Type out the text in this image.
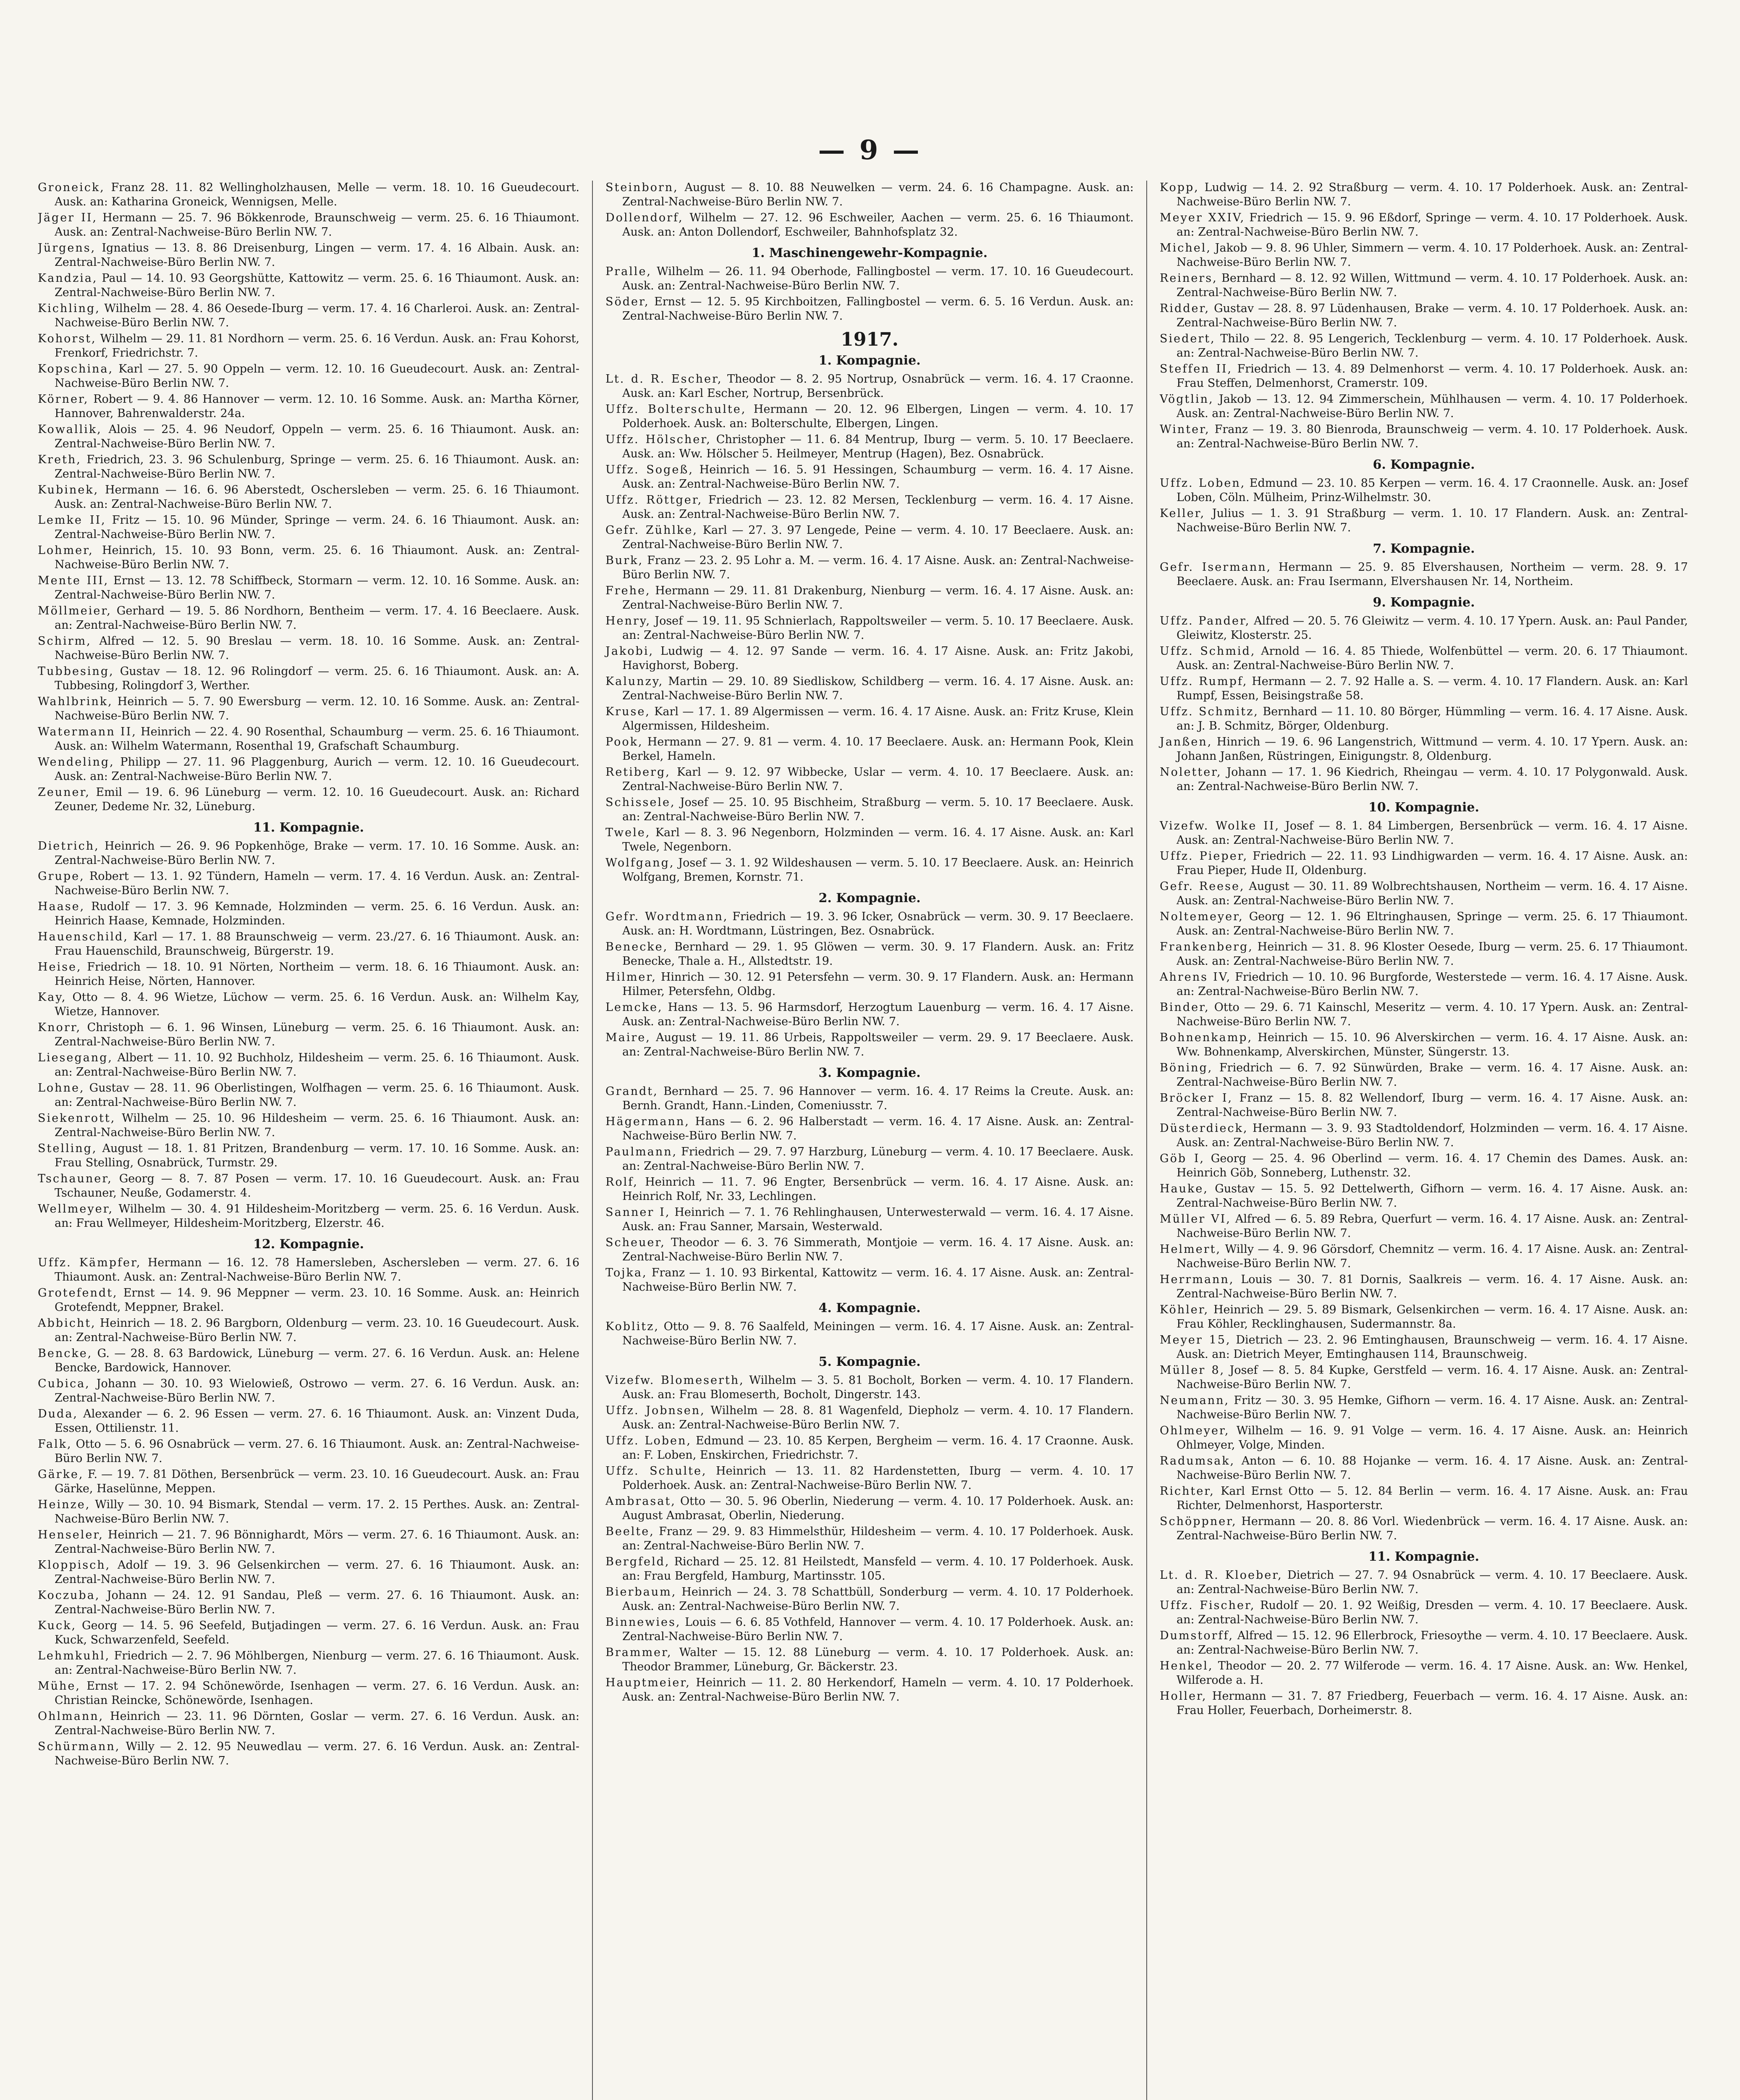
— 9 —
Groneick, Franz 28. 11. 82 Wellingholzhausen, Melle — verm. 18. 10. 16 Gueudecourt. Ausk. an: Katharina Groneick, Wennigsen, Melle.
Jäger II, Hermann — 25. 7. 96 Bökkenrode, Braunschweig — verm. 25. 6. 16 Thiaumont. Ausk. an: Zentral-Nachweise-Büro Berlin NW. 7.
Jürgens, Ignatius — 13. 8. 86 Dreisenburg, Lingen — verm. 17. 4. 16 Albain. Ausk. an: Zentral-Nachweise-Büro Berlin NW. 7.
Kandzia, Paul — 14. 10. 93 Georgshütte, Kattowitz — verm. 25. 6. 16 Thiaumont. Ausk. an: Zentral-Nachweise-Büro Berlin NW. 7.
Kichling, Wilhelm — 28. 4. 86 Oesede-Iburg — verm. 17. 4. 16 Charleroi. Ausk. an: Zentral-Nachweise-Büro Berlin NW. 7.
Kohorst, Wilhelm — 29. 11. 81 Nordhorn — verm. 25. 6. 16 Verdun. Ausk. an: Frau Kohorst, Frenkorf, Friedrichstr. 7.
Kopschina, Karl — 27. 5. 90 Oppeln — verm. 12. 10. 16 Gueudecourt. Ausk. an: Zentral-Nachweise-Büro Berlin NW. 7.
Körner, Robert — 9. 4. 86 Hannover — verm. 12. 10. 16 Somme. Ausk. an: Martha Körner, Hannover, Bahrenwalderstr. 24a.
Kowallik, Alois — 25. 4. 96 Neudorf, Oppeln — verm. 25. 6. 16 Thiaumont. Ausk. an: Zentral-Nachweise-Büro Berlin NW. 7.
Kreth, Friedrich, 23. 3. 96 Schulenburg, Springe — verm. 25. 6. 16 Thiaumont. Ausk. an: Zentral-Nachweise-Büro Berlin NW. 7.
Kubinek, Hermann — 16. 6. 96 Aberstedt, Oschersleben — verm. 25. 6. 16 Thiaumont. Ausk. an: Zentral-Nachweise-Büro Berlin NW. 7.
Lemke II, Fritz — 15. 10. 96 Münder, Springe — verm. 24. 6. 16 Thiaumont. Ausk. an: Zentral-Nachweise-Büro Berlin NW. 7.
Lohmer, Heinrich, 15. 10. 93 Bonn, verm. 25. 6. 16 Thiaumont. Ausk. an: Zentral-Nachweise-Büro Berlin NW. 7.
Mente III, Ernst — 13. 12. 78 Schiffbeck, Stormarn — verm. 12. 10. 16 Somme. Ausk. an: Zentral-Nachweise-Büro Berlin NW. 7.
Möllmeier, Gerhard — 19. 5. 86 Nordhorn, Bentheim — verm. 17. 4. 16 Beeclaere. Ausk. an: Zentral-Nachweise-Büro Berlin NW. 7.
Schirm, Alfred — 12. 5. 90 Breslau — verm. 18. 10. 16 Somme. Ausk. an: Zentral-Nachweise-Büro Berlin NW. 7.
Tubbesing, Gustav — 18. 12. 96 Rolingdorf — verm. 25. 6. 16 Thiaumont. Ausk. an: A. Tubbesing, Rolingdorf 3, Werther.
Wahlbrink, Heinrich — 5. 7. 90 Ewersburg — verm. 12. 10. 16 Somme. Ausk. an: Zentral-Nachweise-Büro Berlin NW. 7.
Watermann II, Heinrich — 22. 4. 90 Rosenthal, Schaumburg — verm. 25. 6. 16 Thiaumont. Ausk. an: Wilhelm Watermann, Rosenthal 19, Grafschaft Schaumburg.
Wendeling, Philipp — 27. 11. 96 Plaggenburg, Aurich — verm. 12. 10. 16 Gueudecourt. Ausk. an: Zentral-Nachweise-Büro Berlin NW. 7.
Zeuner, Emil — 19. 6. 96 Lüneburg — verm. 12. 10. 16 Gueudecourt. Ausk. an: Richard Zeuner, Dedeme Nr. 32, Lüneburg.
11. Kompagnie.
Dietrich, Heinrich — 26. 9. 96 Popkenhöge, Brake — verm. 17. 10. 16 Somme. Ausk. an: Zentral-Nachweise-Büro Berlin NW. 7.
Grupe, Robert — 13. 1. 92 Tündern, Hameln — verm. 17. 4. 16 Verdun. Ausk. an: Zentral-Nachweise-Büro Berlin NW. 7.
Haase, Rudolf — 17. 3. 96 Kemnade, Holzminden — verm. 25. 6. 16 Verdun. Ausk. an: Heinrich Haase, Kemnade, Holzminden.
Hauenschild, Karl — 17. 1. 88 Braunschweig — verm. 23./27. 6. 16 Thiaumont. Ausk. an: Frau Hauenschild, Braunschweig, Bürgerstr. 19.
Heise, Friedrich — 18. 10. 91 Nörten, Northeim — verm. 18. 6. 16 Thiaumont. Ausk. an: Heinrich Heise, Nörten, Hannover.
Kay, Otto — 8. 4. 96 Wietze, Lüchow — verm. 25. 6. 16 Verdun. Ausk. an: Wilhelm Kay, Wietze, Hannover.
Knorr, Christoph — 6. 1. 96 Winsen, Lüneburg — verm. 25. 6. 16 Thiaumont. Ausk. an: Zentral-Nachweise-Büro Berlin NW. 7.
Liesegang, Albert — 11. 10. 92 Buchholz, Hildesheim — verm. 25. 6. 16 Thiaumont. Ausk. an: Zentral-Nachweise-Büro Berlin NW. 7.
Lohne, Gustav — 28. 11. 96 Oberlistingen, Wolfhagen — verm. 25. 6. 16 Thiaumont. Ausk. an: Zentral-Nachweise-Büro Berlin NW. 7.
Siekenrott, Wilhelm — 25. 10. 96 Hildesheim — verm. 25. 6. 16 Thiaumont. Ausk. an: Zentral-Nachweise-Büro Berlin NW. 7.
Stelling, August — 18. 1. 81 Pritzen, Brandenburg — verm. 17. 10. 16 Somme. Ausk. an: Frau Stelling, Osnabrück, Turmstr. 29.
Tschauner, Georg — 8. 7. 87 Posen — verm. 17. 10. 16 Gueudecourt. Ausk. an: Frau Tschauner, Neuße, Godamerstr. 4.
Wellmeyer, Wilhelm — 30. 4. 91 Hildesheim-Moritzberg — verm. 25. 6. 16 Verdun. Ausk. an: Frau Wellmeyer, Hildesheim-Moritzberg, Elzerstr. 46.
12. Kompagnie.
Uffz. Kämpfer, Hermann — 16. 12. 78 Hamersleben, Aschersleben — verm. 27. 6. 16 Thiaumont. Ausk. an: Zentral-Nachweise-Büro Berlin NW. 7.
Grotefendt, Ernst — 14. 9. 96 Meppner — verm. 23. 10. 16 Somme. Ausk. an: Heinrich Grotefendt, Meppner, Brakel.
Abbicht, Heinrich — 18. 2. 96 Bargborn, Oldenburg — verm. 23. 10. 16 Gueudecourt. Ausk. an: Zentral-Nachweise-Büro Berlin NW. 7.
Bencke, G. — 28. 8. 63 Bardowick, Lüneburg — verm. 27. 6. 16 Verdun. Ausk. an: Helene Bencke, Bardowick, Hannover.
Cubica, Johann — 30. 10. 93 Wielowieß, Ostrowo — verm. 27. 6. 16 Verdun. Ausk. an: Zentral-Nachweise-Büro Berlin NW. 7.
Duda, Alexander — 6. 2. 96 Essen — verm. 27. 6. 16 Thiaumont. Ausk. an: Vinzent Duda, Essen, Ottilienstr. 11.
Falk, Otto — 5. 6. 96 Osnabrück — verm. 27. 6. 16 Thiaumont. Ausk. an: Zentral-Nachweise-Büro Berlin NW. 7.
Gärke, F. — 19. 7. 81 Döthen, Bersenbrück — verm. 23. 10. 16 Gueudecourt. Ausk. an: Frau Gärke, Haselünne, Meppen.
Heinze, Willy — 30. 10. 94 Bismark, Stendal — verm. 17. 2. 15 Perthes. Ausk. an: Zentral-Nachweise-Büro Berlin NW. 7.
Henseler, Heinrich — 21. 7. 96 Bönnighardt, Mörs — verm. 27. 6. 16 Thiaumont. Ausk. an: Zentral-Nachweise-Büro Berlin NW. 7.
Kloppisch, Adolf — 19. 3. 96 Gelsenkirchen — verm. 27. 6. 16 Thiaumont. Ausk. an: Zentral-Nachweise-Büro Berlin NW. 7.
Koczuba, Johann — 24. 12. 91 Sandau, Pleß — verm. 27. 6. 16 Thiaumont. Ausk. an: Zentral-Nachweise-Büro Berlin NW. 7.
Kuck, Georg — 14. 5. 96 Seefeld, Butjadingen — verm. 27. 6. 16 Verdun. Ausk. an: Frau Kuck, Schwarzenfeld, Seefeld.
Lehmkuhl, Friedrich — 2. 7. 96 Möhlbergen, Nienburg — verm. 27. 6. 16 Thiaumont. Ausk. an: Zentral-Nachweise-Büro Berlin NW. 7.
Mühe, Ernst — 17. 2. 94 Schönewörde, Isenhagen — verm. 27. 6. 16 Verdun. Ausk. an: Christian Reincke, Schönewörde, Isenhagen.
Ohlmann, Heinrich — 23. 11. 96 Dörnten, Goslar — verm. 27. 6. 16 Verdun. Ausk. an: Zentral-Nachweise-Büro Berlin NW. 7.
Schürmann, Willy — 2. 12. 95 Neuwedlau — verm. 27. 6. 16 Verdun. Ausk. an: Zentral-Nachweise-Büro Berlin NW. 7.
Steinborn, August — 8. 10. 88 Neuwelken — verm. 24. 6. 16 Champagne. Ausk. an: Zentral-Nachweise-Büro Berlin NW. 7.
Dollendorf, Wilhelm — 27. 12. 96 Eschweiler, Aachen — verm. 25. 6. 16 Thiaumont. Ausk. an: Anton Dollendorf, Eschweiler, Bahnhofsplatz 32.
1. Maschinengewehr-Kompagnie.
Pralle, Wilhelm — 26. 11. 94 Oberhode, Fallingbostel — verm. 17. 10. 16 Gueudecourt. Ausk. an: Zentral-Nachweise-Büro Berlin NW. 7.
Söder, Ernst — 12. 5. 95 Kirchboitzen, Fallingbostel — verm. 6. 5. 16 Verdun. Ausk. an: Zentral-Nachweise-Büro Berlin NW. 7.
1917.
1. Kompagnie.
Lt. d. R. Escher, Theodor — 8. 2. 95 Nortrup, Osnabrück — verm. 16. 4. 17 Craonne. Ausk. an: Karl Escher, Nortrup, Bersenbrück.
Uffz. Bolterschulte, Hermann — 20. 12. 96 Elbergen, Lingen — verm. 4. 10. 17 Polderhoek. Ausk. an: Bolterschulte, Elbergen, Lingen.
Uffz. Hölscher, Christopher — 11. 6. 84 Mentrup, Iburg — verm. 5. 10. 17 Beeclaere. Ausk. an: Ww. Hölscher 5. Heilmeyer, Mentrup (Hagen), Bez. Osnabrück.
Uffz. Sogeß, Heinrich — 16. 5. 91 Hessingen, Schaumburg — verm. 16. 4. 17 Aisne. Ausk. an: Zentral-Nachweise-Büro Berlin NW. 7.
Uffz. Röttger, Friedrich — 23. 12. 82 Mersen, Tecklenburg — verm. 16. 4. 17 Aisne. Ausk. an: Zentral-Nachweise-Büro Berlin NW. 7.
Gefr. Zühlke, Karl — 27. 3. 97 Lengede, Peine — verm. 4. 10. 17 Beeclaere. Ausk. an: Zentral-Nachweise-Büro Berlin NW. 7.
Burk, Franz — 23. 2. 95 Lohr a. M. — verm. 16. 4. 17 Aisne. Ausk. an: Zentral-Nachweise-Büro Berlin NW. 7.
Frehe, Hermann — 29. 11. 81 Drakenburg, Nienburg — verm. 16. 4. 17 Aisne. Ausk. an: Zentral-Nachweise-Büro Berlin NW. 7.
Henry, Josef — 19. 11. 95 Schnierlach, Rappoltsweiler — verm. 5. 10. 17 Beeclaere. Ausk. an: Zentral-Nachweise-Büro Berlin NW. 7.
Jakobi, Ludwig — 4. 12. 97 Sande — verm. 16. 4. 17 Aisne. Ausk. an: Fritz Jakobi, Havighorst, Boberg.
Kalunzy, Martin — 29. 10. 89 Siedliskow, Schildberg — verm. 16. 4. 17 Aisne. Ausk. an: Zentral-Nachweise-Büro Berlin NW. 7.
Kruse, Karl — 17. 1. 89 Algermissen — verm. 16. 4. 17 Aisne. Ausk. an: Fritz Kruse, Klein Algermissen, Hildesheim.
Pook, Hermann — 27. 9. 81 — verm. 4. 10. 17 Beeclaere. Ausk. an: Hermann Pook, Klein Berkel, Hameln.
Retiberg, Karl — 9. 12. 97 Wibbecke, Uslar — verm. 4. 10. 17 Beeclaere. Ausk. an: Zentral-Nachweise-Büro Berlin NW. 7.
Schissele, Josef — 25. 10. 95 Bischheim, Straßburg — verm. 5. 10. 17 Beeclaere. Ausk. an: Zentral-Nachweise-Büro Berlin NW. 7.
Twele, Karl — 8. 3. 96 Negenborn, Holzminden — verm. 16. 4. 17 Aisne. Ausk. an: Karl Twele, Negenborn.
Wolfgang, Josef — 3. 1. 92 Wildeshausen — verm. 5. 10. 17 Beeclaere. Ausk. an: Heinrich Wolfgang, Bremen, Kornstr. 71.
2. Kompagnie.
Gefr. Wordtmann, Friedrich — 19. 3. 96 Icker, Osnabrück — verm. 30. 9. 17 Beeclaere. Ausk. an: H. Wordtmann, Lüstringen, Bez. Osnabrück.
Benecke, Bernhard — 29. 1. 95 Glöwen — verm. 30. 9. 17 Flandern. Ausk. an: Fritz Benecke, Thale a. H., Allstedtstr. 19.
Hilmer, Hinrich — 30. 12. 91 Petersfehn — verm. 30. 9. 17 Flandern. Ausk. an: Hermann Hilmer, Petersfehn, Oldbg.
Lemcke, Hans — 13. 5. 96 Harmsdorf, Herzogtum Lauenburg — verm. 16. 4. 17 Aisne. Ausk. an: Zentral-Nachweise-Büro Berlin NW. 7.
Maire, August — 19. 11. 86 Urbeis, Rappoltsweiler — verm. 29. 9. 17 Beeclaere. Ausk. an: Zentral-Nachweise-Büro Berlin NW. 7.
3. Kompagnie.
Grandt, Bernhard — 25. 7. 96 Hannover — verm. 16. 4. 17 Reims la Creute. Ausk. an: Bernh. Grandt, Hann.-Linden, Comeniusstr. 7.
Hägermann, Hans — 6. 2. 96 Halberstadt — verm. 16. 4. 17 Aisne. Ausk. an: Zentral-Nachweise-Büro Berlin NW. 7.
Paulmann, Friedrich — 29. 7. 97 Harzburg, Lüneburg — verm. 4. 10. 17 Beeclaere. Ausk. an: Zentral-Nachweise-Büro Berlin NW. 7.
Rolf, Heinrich — 11. 7. 96 Engter, Bersenbrück — verm. 16. 4. 17 Aisne. Ausk. an: Heinrich Rolf, Nr. 33, Lechlingen.
Sanner I, Heinrich — 7. 1. 76 Rehlinghausen, Unterwesterwald — verm. 16. 4. 17 Aisne. Ausk. an: Frau Sanner, Marsain, Westerwald.
Scheuer, Theodor — 6. 3. 76 Simmerath, Montjoie — verm. 16. 4. 17 Aisne. Ausk. an: Zentral-Nachweise-Büro Berlin NW. 7.
Tojka, Franz — 1. 10. 93 Birkental, Kattowitz — verm. 16. 4. 17 Aisne. Ausk. an: Zentral-Nachweise-Büro Berlin NW. 7.
4. Kompagnie.
Koblitz, Otto — 9. 8. 76 Saalfeld, Meiningen — verm. 16. 4. 17 Aisne. Ausk. an: Zentral-Nachweise-Büro Berlin NW. 7.
5. Kompagnie.
Vizefw. Blomeserth, Wilhelm — 3. 5. 81 Bocholt, Borken — verm. 4. 10. 17 Flandern. Ausk. an: Frau Blomeserth, Bocholt, Dingerstr. 143.
Uffz. Jobnsen, Wilhelm — 28. 8. 81 Wagenfeld, Diepholz — verm. 4. 10. 17 Flandern. Ausk. an: Zentral-Nachweise-Büro Berlin NW. 7.
Uffz. Loben, Edmund — 23. 10. 85 Kerpen, Bergheim — verm. 16. 4. 17 Craonne. Ausk. an: F. Loben, Enskirchen, Friedrichstr. 7.
Uffz. Schulte, Heinrich — 13. 11. 82 Hardenstetten, Iburg — verm. 4. 10. 17 Polderhoek. Ausk. an: Zentral-Nachweise-Büro Berlin NW. 7.
Ambrasat, Otto — 30. 5. 96 Oberlin, Niederung — verm. 4. 10. 17 Polderhoek. Ausk. an: August Ambrasat, Oberlin, Niederung.
Beelte, Franz — 29. 9. 83 Himmelsthür, Hildesheim — verm. 4. 10. 17 Polderhoek. Ausk. an: Zentral-Nachweise-Büro Berlin NW. 7.
Bergfeld, Richard — 25. 12. 81 Heilstedt, Mansfeld — verm. 4. 10. 17 Polderhoek. Ausk. an: Frau Bergfeld, Hamburg, Martinsstr. 105.
Bierbaum, Heinrich — 24. 3. 78 Schattbüll, Sonderburg — verm. 4. 10. 17 Polderhoek. Ausk. an: Zentral-Nachweise-Büro Berlin NW. 7.
Binnewies, Louis — 6. 6. 85 Vothfeld, Hannover — verm. 4. 10. 17 Polderhoek. Ausk. an: Zentral-Nachweise-Büro Berlin NW. 7.
Brammer, Walter — 15. 12. 88 Lüneburg — verm. 4. 10. 17 Polderhoek. Ausk. an: Theodor Brammer, Lüneburg, Gr. Bäckerstr. 23.
Hauptmeier, Heinrich — 11. 2. 80 Herkendorf, Hameln — verm. 4. 10. 17 Polderhoek. Ausk. an: Zentral-Nachweise-Büro Berlin NW. 7.
Kopp, Ludwig — 14. 2. 92 Straßburg — verm. 4. 10. 17 Polderhoek. Ausk. an: Zentral-Nachweise-Büro Berlin NW. 7.
Meyer XXIV, Friedrich — 15. 9. 96 Eßdorf, Springe — verm. 4. 10. 17 Polderhoek. Ausk. an: Zentral-Nachweise-Büro Berlin NW. 7.
Michel, Jakob — 9. 8. 96 Uhler, Simmern — verm. 4. 10. 17 Polderhoek. Ausk. an: Zentral-Nachweise-Büro Berlin NW. 7.
Reiners, Bernhard — 8. 12. 92 Willen, Wittmund — verm. 4. 10. 17 Polderhoek. Ausk. an: Zentral-Nachweise-Büro Berlin NW. 7.
Ridder, Gustav — 28. 8. 97 Lüdenhausen, Brake — verm. 4. 10. 17 Polderhoek. Ausk. an: Zentral-Nachweise-Büro Berlin NW. 7.
Siedert, Thilo — 22. 8. 95 Lengerich, Tecklenburg — verm. 4. 10. 17 Polderhoek. Ausk. an: Zentral-Nachweise-Büro Berlin NW. 7.
Steffen II, Friedrich — 13. 4. 89 Delmenhorst — verm. 4. 10. 17 Polderhoek. Ausk. an: Frau Steffen, Delmenhorst, Cramerstr. 109.
Vögtlin, Jakob — 13. 12. 94 Zimmerschein, Mühlhausen — verm. 4. 10. 17 Polderhoek. Ausk. an: Zentral-Nachweise-Büro Berlin NW. 7.
Winter, Franz — 19. 3. 80 Bienroda, Braunschweig — verm. 4. 10. 17 Polderhoek. Ausk. an: Zentral-Nachweise-Büro Berlin NW. 7.
6. Kompagnie.
Uffz. Loben, Edmund — 23. 10. 85 Kerpen — verm. 16. 4. 17 Craonnelle. Ausk. an: Josef Loben, Cöln. Mülheim, Prinz-Wilhelmstr. 30.
Keller, Julius — 1. 3. 91 Straßburg — verm. 1. 10. 17 Flandern. Ausk. an: Zentral-Nachweise-Büro Berlin NW. 7.
7. Kompagnie.
Gefr. Isermann, Hermann — 25. 9. 85 Elvershausen, Northeim — verm. 28. 9. 17 Beeclaere. Ausk. an: Frau Isermann, Elvershausen Nr. 14, Northeim.
9. Kompagnie.
Uffz. Pander, Alfred — 20. 5. 76 Gleiwitz — verm. 4. 10. 17 Ypern. Ausk. an: Paul Pander, Gleiwitz, Klosterstr. 25.
Uffz. Schmid, Arnold — 16. 4. 85 Thiede, Wolfenbüttel — verm. 20. 6. 17 Thiaumont. Ausk. an: Zentral-Nachweise-Büro Berlin NW. 7.
Uffz. Rumpf, Hermann — 2. 7. 92 Halle a. S. — verm. 4. 10. 17 Flandern. Ausk. an: Karl Rumpf, Essen, Beisingstraße 58.
Uffz. Schmitz, Bernhard — 11. 10. 80 Börger, Hümmling — verm. 16. 4. 17 Aisne. Ausk. an: J. B. Schmitz, Börger, Oldenburg.
Janßen, Hinrich — 19. 6. 96 Langenstrich, Wittmund — verm. 4. 10. 17 Ypern. Ausk. an: Johann Janßen, Rüstringen, Einigungstr. 8, Oldenburg.
Noletter, Johann — 17. 1. 96 Kiedrich, Rheingau — verm. 4. 10. 17 Polygonwald. Ausk. an: Zentral-Nachweise-Büro Berlin NW. 7.
10. Kompagnie.
Vizefw. Wolke II, Josef — 8. 1. 84 Limbergen, Bersenbrück — verm. 16. 4. 17 Aisne. Ausk. an: Zentral-Nachweise-Büro Berlin NW. 7.
Uffz. Pieper, Friedrich — 22. 11. 93 Lindhigwarden — verm. 16. 4. 17 Aisne. Ausk. an: Frau Pieper, Hude II, Oldenburg.
Gefr. Reese, August — 30. 11. 89 Wolbrechtshausen, Northeim — verm. 16. 4. 17 Aisne. Ausk. an: Zentral-Nachweise-Büro Berlin NW. 7.
Noltemeyer, Georg — 12. 1. 96 Eltringhausen, Springe — verm. 25. 6. 17 Thiaumont. Ausk. an: Zentral-Nachweise-Büro Berlin NW. 7.
Frankenberg, Heinrich — 31. 8. 96 Kloster Oesede, Iburg — verm. 25. 6. 17 Thiaumont. Ausk. an: Zentral-Nachweise-Büro Berlin NW. 7.
Ahrens IV, Friedrich — 10. 10. 96 Burgforde, Westerstede — verm. 16. 4. 17 Aisne. Ausk. an: Zentral-Nachweise-Büro Berlin NW. 7.
Binder, Otto — 29. 6. 71 Kainschl, Meseritz — verm. 4. 10. 17 Ypern. Ausk. an: Zentral-Nachweise-Büro Berlin NW. 7.
Bohnenkamp, Heinrich — 15. 10. 96 Alverskirchen — verm. 16. 4. 17 Aisne. Ausk. an: Ww. Bohnenkamp, Alverskirchen, Münster, Süngerstr. 13.
Böning, Friedrich — 6. 7. 92 Sünwürden, Brake — verm. 16. 4. 17 Aisne. Ausk. an: Zentral-Nachweise-Büro Berlin NW. 7.
Bröcker I, Franz — 15. 8. 82 Wellendorf, Iburg — verm. 16. 4. 17 Aisne. Ausk. an: Zentral-Nachweise-Büro Berlin NW. 7.
Düsterdieck, Hermann — 3. 9. 93 Stadtoldendorf, Holzminden — verm. 16. 4. 17 Aisne. Ausk. an: Zentral-Nachweise-Büro Berlin NW. 7.
Göb I, Georg — 25. 4. 96 Oberlind — verm. 16. 4. 17 Chemin des Dames. Ausk. an: Heinrich Göb, Sonneberg, Luthenstr. 32.
Hauke, Gustav — 15. 5. 92 Dettelwerth, Gifhorn — verm. 16. 4. 17 Aisne. Ausk. an: Zentral-Nachweise-Büro Berlin NW. 7.
Müller VI, Alfred — 6. 5. 89 Rebra, Querfurt — verm. 16. 4. 17 Aisne. Ausk. an: Zentral-Nachweise-Büro Berlin NW. 7.
Helmert, Willy — 4. 9. 96 Görsdorf, Chemnitz — verm. 16. 4. 17 Aisne. Ausk. an: Zentral-Nachweise-Büro Berlin NW. 7.
Herrmann, Louis — 30. 7. 81 Dornis, Saalkreis — verm. 16. 4. 17 Aisne. Ausk. an: Zentral-Nachweise-Büro Berlin NW. 7.
Köhler, Heinrich — 29. 5. 89 Bismark, Gelsenkirchen — verm. 16. 4. 17 Aisne. Ausk. an: Frau Köhler, Recklinghausen, Sudermannstr. 8a.
Meyer 15, Dietrich — 23. 2. 96 Emtinghausen, Braunschweig — verm. 16. 4. 17 Aisne. Ausk. an: Dietrich Meyer, Emtinghausen 114, Braunschweig.
Müller 8, Josef — 8. 5. 84 Kupke, Gerstfeld — verm. 16. 4. 17 Aisne. Ausk. an: Zentral-Nachweise-Büro Berlin NW. 7.
Neumann, Fritz — 30. 3. 95 Hemke, Gifhorn — verm. 16. 4. 17 Aisne. Ausk. an: Zentral-Nachweise-Büro Berlin NW. 7.
Ohlmeyer, Wilhelm — 16. 9. 91 Volge — verm. 16. 4. 17 Aisne. Ausk. an: Heinrich Ohlmeyer, Volge, Minden.
Radumsak, Anton — 6. 10. 88 Hojanke — verm. 16. 4. 17 Aisne. Ausk. an: Zentral-Nachweise-Büro Berlin NW. 7.
Richter, Karl Ernst Otto — 5. 12. 84 Berlin — verm. 16. 4. 17 Aisne. Ausk. an: Frau Richter, Delmenhorst, Hasporterstr.
Schöppner, Hermann — 20. 8. 86 Vorl. Wiedenbrück — verm. 16. 4. 17 Aisne. Ausk. an: Zentral-Nachweise-Büro Berlin NW. 7.
11. Kompagnie.
Lt. d. R. Kloeber, Dietrich — 27. 7. 94 Osnabrück — verm. 4. 10. 17 Beeclaere. Ausk. an: Zentral-Nachweise-Büro Berlin NW. 7.
Uffz. Fischer, Rudolf — 20. 1. 92 Weißig, Dresden — verm. 4. 10. 17 Beeclaere. Ausk. an: Zentral-Nachweise-Büro Berlin NW. 7.
Dumstorff, Alfred — 15. 12. 96 Ellerbrock, Friesoythe — verm. 4. 10. 17 Beeclaere. Ausk. an: Zentral-Nachweise-Büro Berlin NW. 7.
Henkel, Theodor — 20. 2. 77 Wilferode — verm. 16. 4. 17 Aisne. Ausk. an: Ww. Henkel, Wilferode a. H.
Holler, Hermann — 31. 7. 87 Friedberg, Feuerbach — verm. 16. 4. 17 Aisne. Ausk. an: Frau Holler, Feuerbach, Dorheimerstr. 8.
